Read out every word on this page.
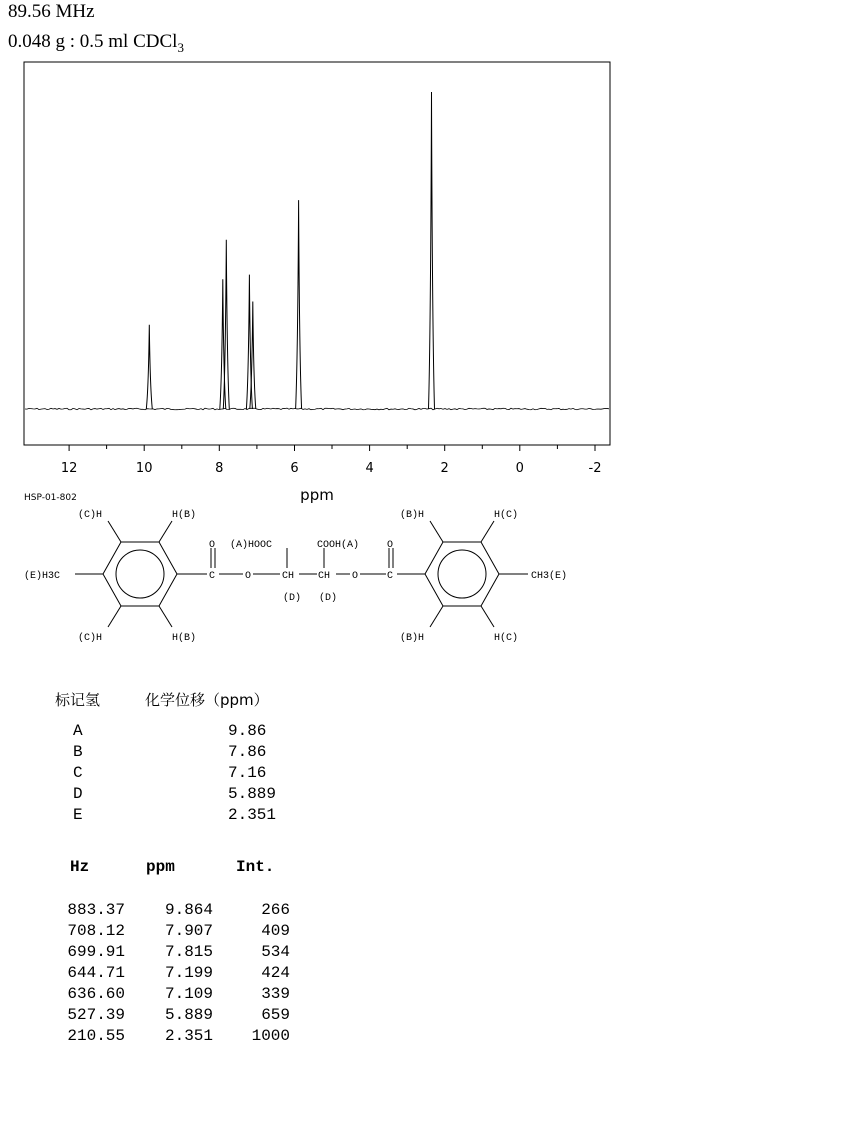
89.56 MHz
0.048 g : 0.5 ml CDCl$_3$
12	10	8	6	4	2	0	-2
ppm
HSP-01-802
(C)H	H(B)	(B)H	H(C)
(C)H	H(B)	(B)H	H(C)
(E)H3C	CH3(E)
O	O
(A)HOOC	COOH(A)
C	O	CH CH O	C
(D) (D)
标记氢	化学位移（ppm）
A	9.86
B	7.86
C	7.16
D	5.889
E	2.351
Hz	ppm	Int.
883.37	9.864	266
708.12	7.907	409
699.91	7.815	534
644.71	7.199	424
636.60	7.109	339
527.39	5.889	659
210.55	2.351	1000
